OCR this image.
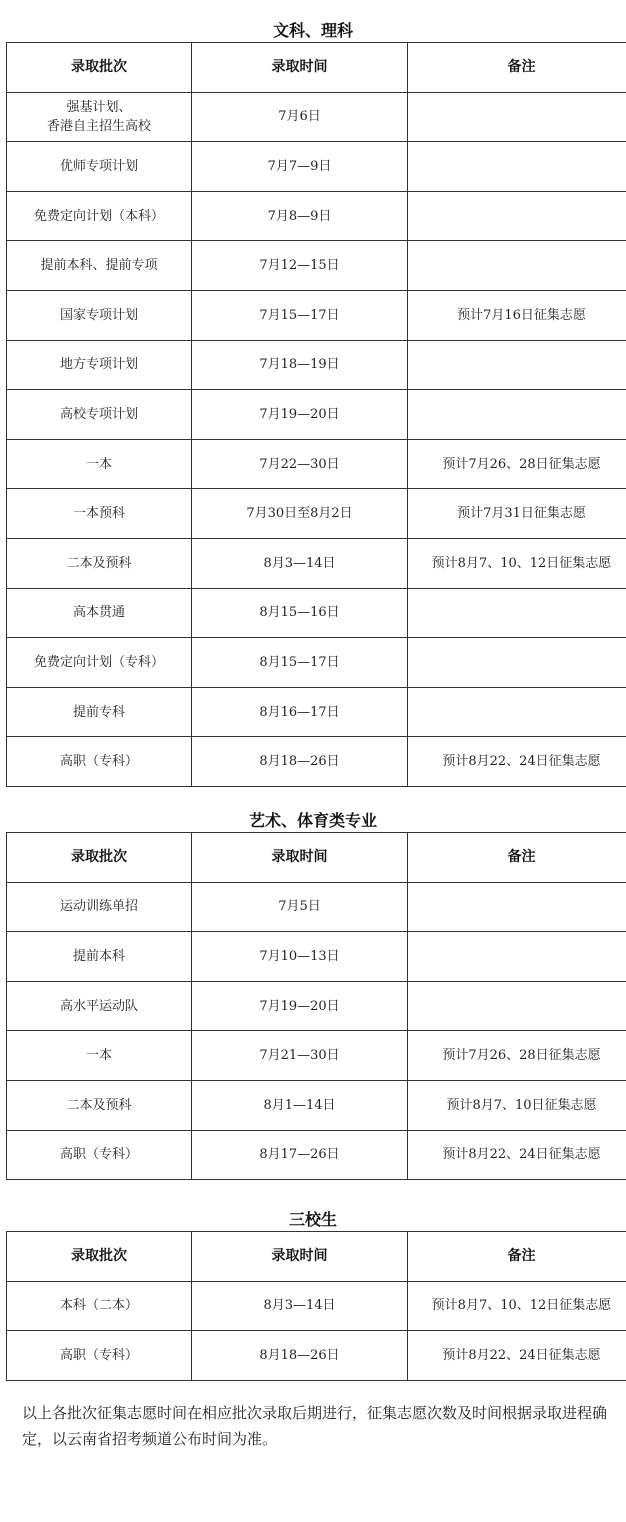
文科、理科
录取批次	录取时间	备注
强基计划、
香港自主招生高校	7月6日	
优师专项计划	7月7—9日	
免费定向计划（本科）	7月8—9日	
提前本科、提前专项	7月12—15日	
国家专项计划	7月15—17日	预计7月16日征集志愿
地方专项计划	7月18—19日	
高校专项计划	7月19—20日	
一本	7月22—30日	预计7月26、28日征集志愿
一本预科	7月30日至8月2日	预计7月31日征集志愿
二本及预科	8月3—14日	预计8月7、10、12日征集志愿
高本贯通	8月15—16日	
免费定向计划（专科）	8月15—17日	
提前专科	8月16—17日	
高职（专科）	8月18—26日	预计8月22、24日征集志愿
艺术、体育类专业
录取批次	录取时间	备注
运动训练单招	7月5日	
提前本科	7月10—13日	
高水平运动队	7月19—20日	
一本	7月21—30日	预计7月26、28日征集志愿
二本及预科	8月1—14日	预计8月7、10日征集志愿
高职（专科）	8月17—26日	预计8月22、24日征集志愿
三校生
录取批次	录取时间	备注
本科（二本）	8月3—14日	预计8月7、10、12日征集志愿
高职（专科）	8月18—26日	预计8月22、24日征集志愿
以上各批次征集志愿时间在相应批次录取后期进行，征集志愿次数及时间根据录取进程确定，以云南省招考频道公布时间为准。
